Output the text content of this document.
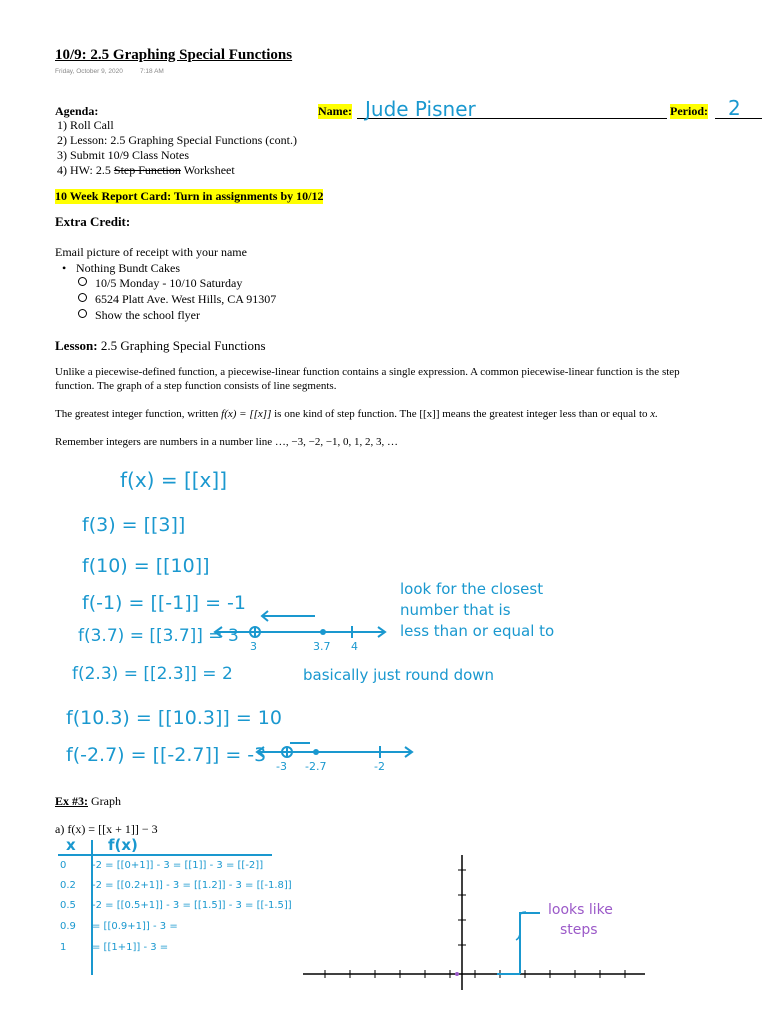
10/9: 2.5 Graphing Special Functions
Friday, October 9, 2020	7:18 AM
Agenda:
1) Roll Call
2) Lesson: 2.5 Graphing Special Functions (cont.)
3) Submit 10/9 Class Notes
4) HW: 2.5 Step Function Worksheet
Name: Jude Pisner	Period: 2
10 Week Report Card: Turn in assignments by 10/12
Extra Credit:
Email picture of receipt with your name
• Nothing Bundt Cakes
10/5 Monday - 10/10 Saturday
6524 Platt Ave. West Hills, CA 91307
Show the school flyer
Lesson: 2.5 Graphing Special Functions
Unlike a piecewise-defined function, a piecewise-linear function contains a single expression. A common piecewise-linear function is the step
function. The graph of a step function consists of line segments.
The greatest integer function, written f(x) = [[x]] is one kind of step function. The [[x]] means the greatest integer less than or equal to x.
Remember integers are numbers in a number line …, −3, −2, −1, 0, 1, 2, 3, …
f(x) = [[x]]
f(3) = [[3]]
f(10) = [[10]]
f(-1) = [[-1]] = -1
f(3.7) = [[3.7]] = 3
f(2.3) = [[2.3]] = 2
f(10.3) = [[10.3]] = 10
f(-2.7) = [[-2.7]] = -3
look for the closest
number that is
less than or equal to
basically just round down
3	3.7 4
-3 -2.7	-2
Ex #3: Graph
a) f(x) = [[x + 1]] − 3
x f(x)
0	-2 = [[0+1]] - 3 = [[1]] - 3 = [[-2]]
0.2 -2 = [[0.2+1]] - 3 = [[1.2]] - 3 = [[-1.8]]
0.5 -2 = [[0.5+1]] - 3 = [[1.5]] - 3 = [[-1.5]]
0.9 = [[0.9+1]] - 3 =
1	= [[1+1]] - 3 =
looks like
steps
